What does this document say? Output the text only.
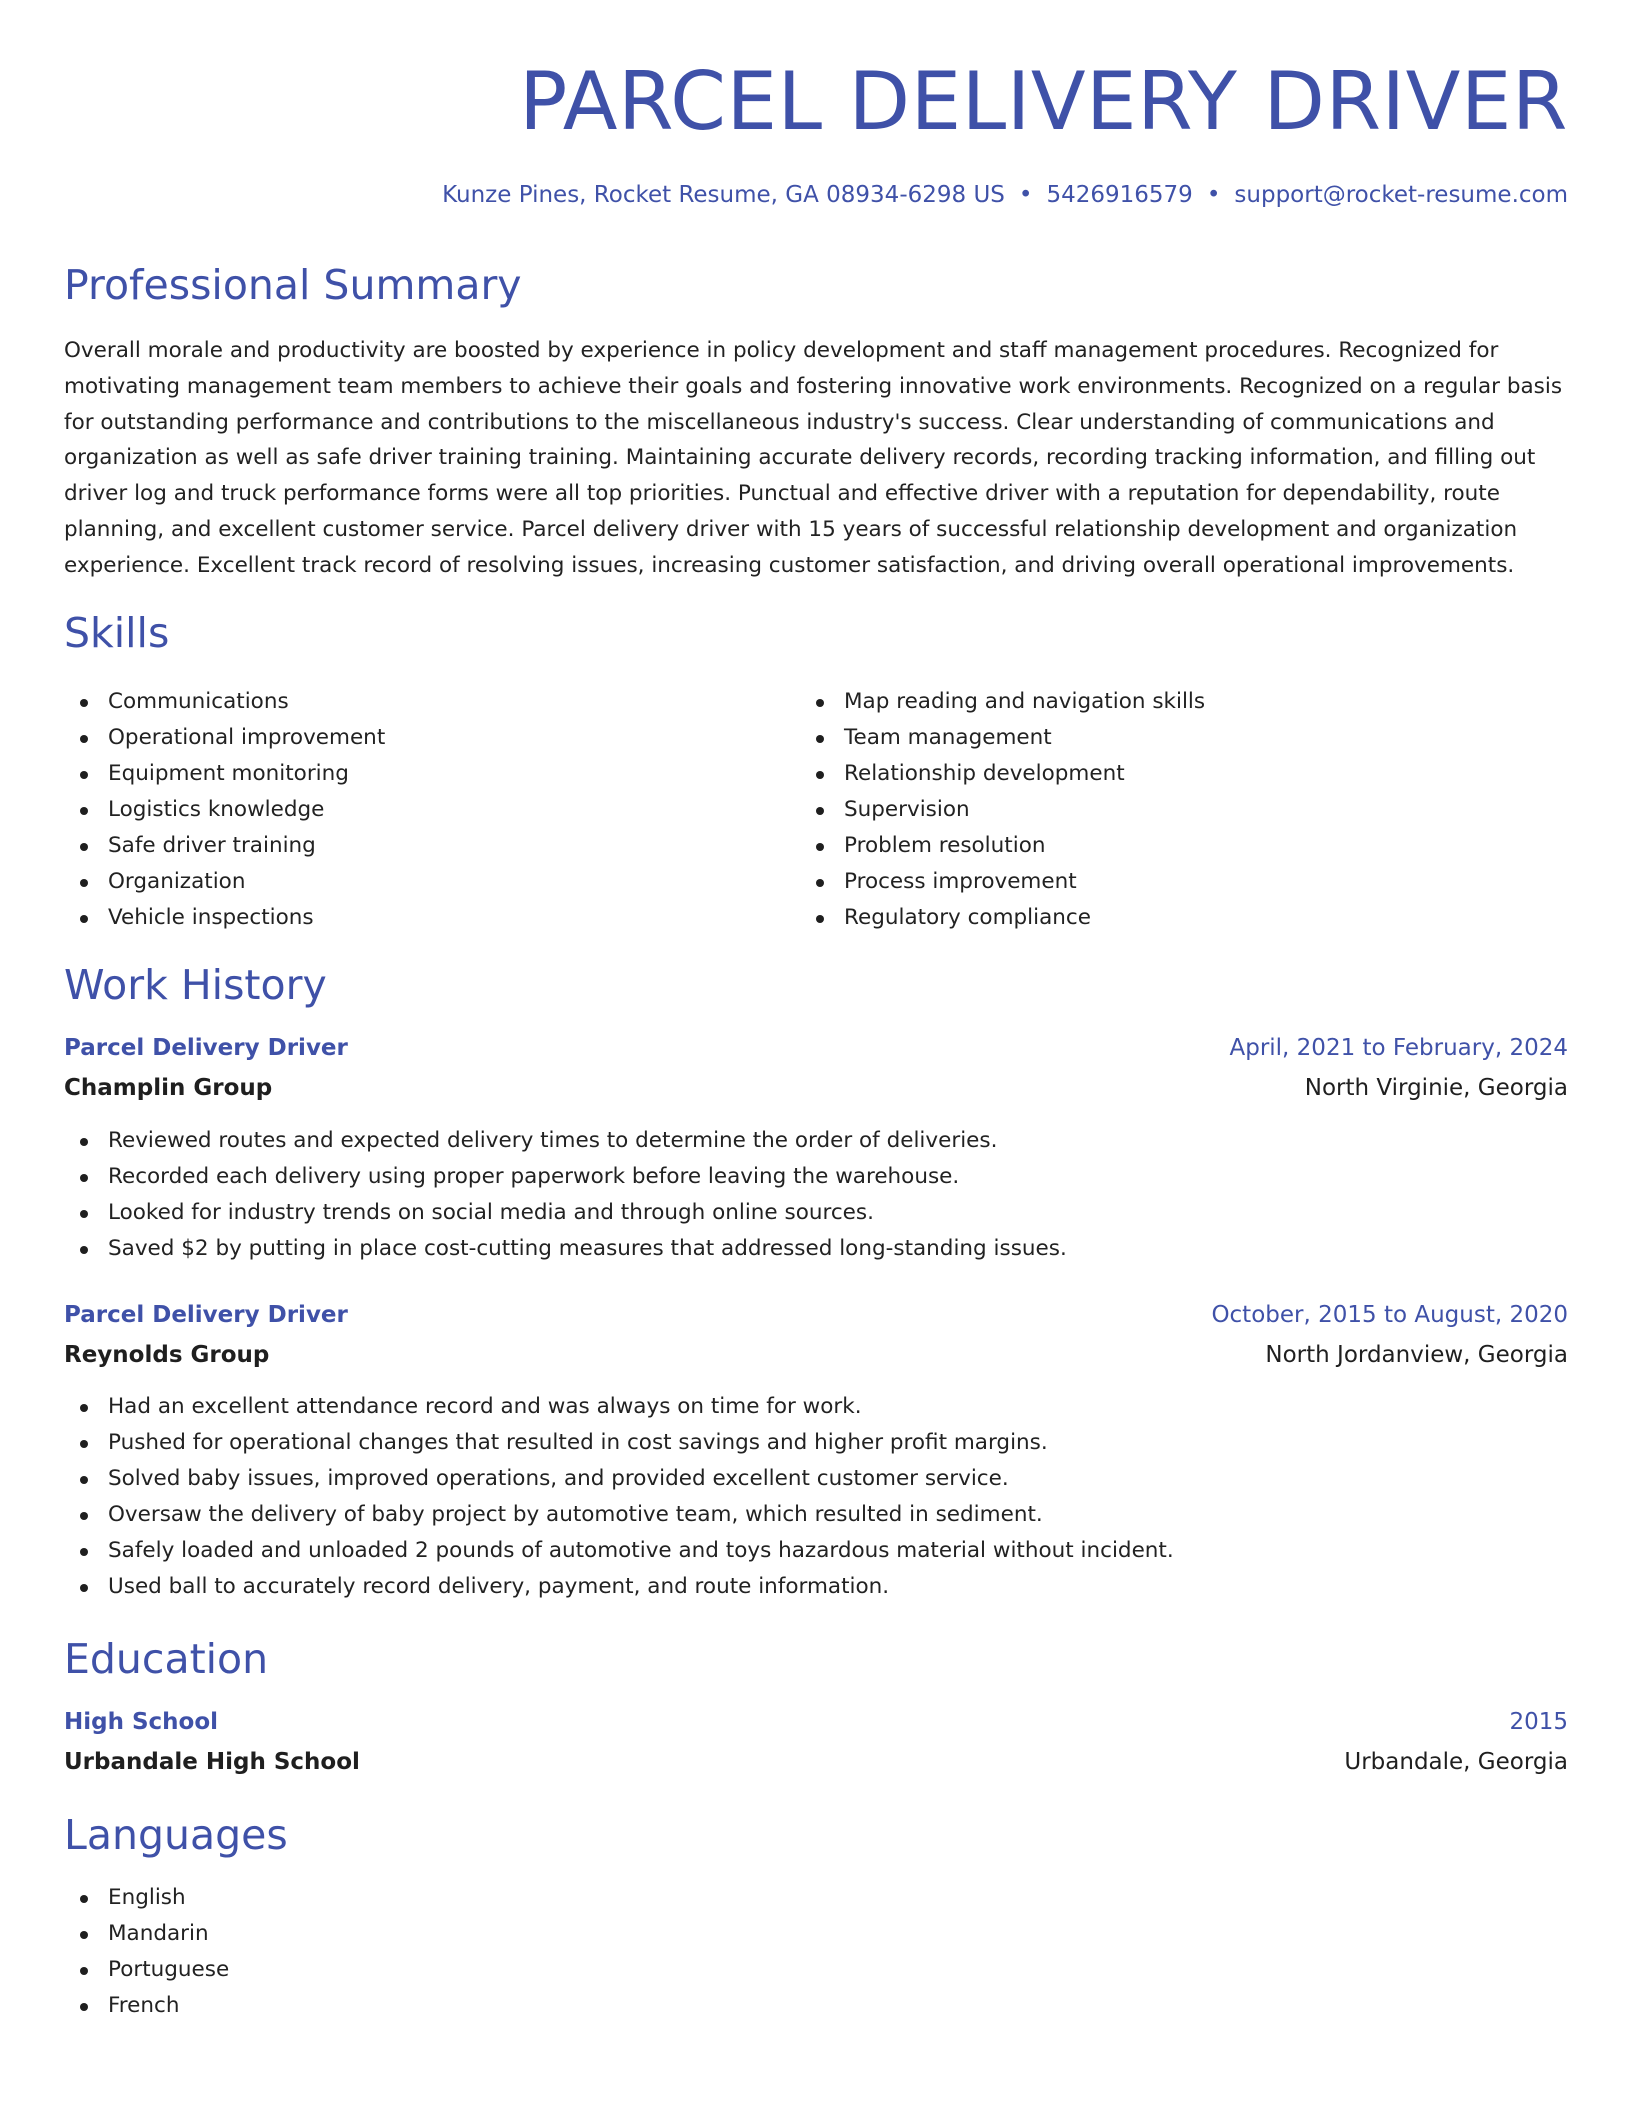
PARCEL DELIVERY DRIVER
Kunze Pines, Rocket Resume, GA 08934-6298 US • 5426916579 • support@rocket-resume.com
Professional Summary

Overall morale and productivity are boosted by experience in policy development and staff management procedures. Recognized for motivating management team members to achieve their goals and fostering innovative work environments. Recognized on a regular basis for outstanding performance and contributions to the miscellaneous industry's success. Clear understanding of communications and organization as well as safe driver training training. Maintaining accurate delivery records, recording tracking information, and filling out driver log and truck performance forms were all top priorities. Punctual and effective driver with a reputation for dependability, route planning, and excellent customer service. Parcel delivery driver with 15 years of successful relationship development and organization experience. Excellent track record of resolving issues, increasing customer satisfaction, and driving overall operational improvements.

Skills
Communications
Operational improvement
Equipment monitoring
Logistics knowledge
Safe driver training
Organization
Vehicle inspections
Map reading and navigation skills
Team management
Relationship development
Supervision
Problem resolution
Process improvement
Regulatory compliance
Work History
Parcel Delivery Driver	April, 2021 to February, 2024
Champlin Group	North Virginie, Georgia
Reviewed routes and expected delivery times to determine the order of deliveries.
Recorded each delivery using proper paperwork before leaving the warehouse.
Looked for industry trends on social media and through online sources.
Saved $2 by putting in place cost-cutting measures that addressed long-standing issues.
Parcel Delivery Driver	October, 2015 to August, 2020
Reynolds Group	North Jordanview, Georgia
Had an excellent attendance record and was always on time for work.
Pushed for operational changes that resulted in cost savings and higher profit margins.
Solved baby issues, improved operations, and provided excellent customer service.
Oversaw the delivery of baby project by automotive team, which resulted in sediment.
Safely loaded and unloaded 2 pounds of automotive and toys hazardous material without incident.
Used ball to accurately record delivery, payment, and route information.
Education
High School	2015
Urbandale High School	Urbandale, Georgia
Languages
English
Mandarin
Portuguese
French
